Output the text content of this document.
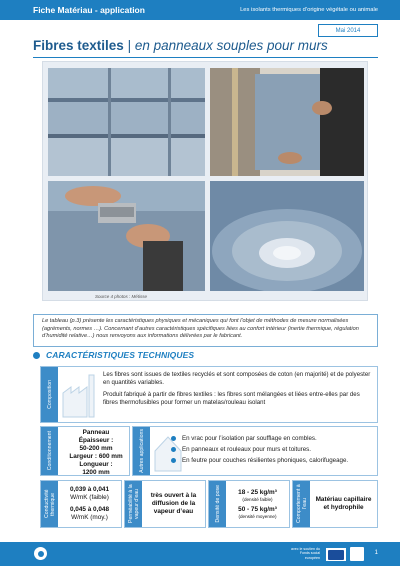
Fiche Matériau - application	Les isolants thermiques d’origine végétale ou animale
Mai 2014
Fibres textiles | en panneaux souples pour murs
Source 4 photos : Métisse
Le tableau (p.3) présente les caractéristiques physiques et mécaniques qui font l’objet de méthodes de mesure normalisées (agréments, normes …). Concernant d’autres caractéristiques spécifiques liées au confort intérieur (inertie thermique, régulation d’humidité relative…) nous renvoyons aux informations délivrées par le fabricant.
CARACTÉRISTIQUES TECHNIQUES
Composition

Les fibres sont issues de textiles recyclés et sont composées de coton (en majorité) et de polyester en quantités variables.

Produit fabriqué à partir de fibres textiles : les fibres sont mélangées et liées entre-elles par des fibres thermofusibles pour former un matelas/rouleau isolant

Conditionnement	Panneau
Épaisseur :
50-200 mm
Largeur : 600 mm
Longueur :
1200 mm	Autres applications	En vrac pour l’isolation par soufflage en combles.
En panneaux et rouleaux pour murs et toitures.
En feutre pour couches résilientes phoniques, calorifugeage.
Conductivité thermique
0,039 à 0,041
W/mK (faible)
0,045 à 0,048
W/mK (moy.)	Perméabilité à la vapeur d’eau	très ouvert à la diffusion de la vapeur d’eau	Densité de pose	18 - 25 kg/m³
(densité faible)
50 - 75 kg/m³
(densité moyenne)	Comportement à l’eau	Matériau capillaire et hydrophile
avec le soutien du Fonds social européen
1
